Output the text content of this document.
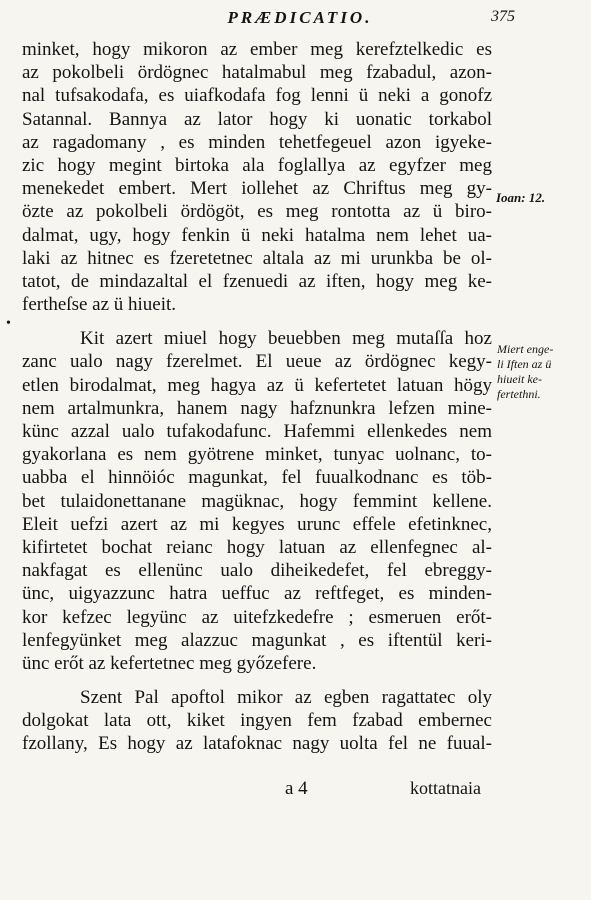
PRÆDICATIO.	375
minket, hogy mikoron az ember meg kerefztelkedic es
az pokolbeli ördögnec hatalmabul meg fzabadul, azon-
nal tufsakodafa, es uiafkodafa fog lenni ü neki a gonofz
Satannal. Bannya az lator hogy ki uonatic torkabol
az ragadomany , es minden tehetfegeuel azon igyeke-
zic hogy megint birtoka ala foglallya az egyfzer meg
menekedet embert. Mert iollehet az Chriftus meg gy-
özte az pokolbeli ördögöt, es meg rontotta az ü biro-
dalmat, ugy, hogy fenkin ü neki hatalma nem lehet ua-
laki az hitnec es fzeretetnec altala az mi urunkba be ol-
tatot, de mindazaltal el fzenuedi az iften, hogy meg ke-
fertheſse az ü hiueit.
Kit azert miuel hogy beuebben meg mutaſſa hoz
zanc ualo nagy fzerelmet. El ueue az ördögnec kegy-
etlen birodalmat, meg hagya az ü kefertetet latuan högy
nem artalmunkra, hanem nagy hafznunkra lefzen mine-
künc azzal ualo tufakodafunc. Hafemmi ellenkedes nem
gyakorlana es nem gyötrene minket, tunyac uolnanc, to-
uabba el hinnöióc magunkat, fel fuualkodnanc es töb-
bet tulaidonettanane magüknac, hogy femmint kellene.
Eleit uefzi azert az mi kegyes urunc effele efetinknec,
kifirtetet bochat reianc hogy latuan az ellenfegnec al-
nakfagat es ellenünc ualo diheikedefet, fel ebreggy-
ünc, uigyazzunc hatra ueffuc az reftfeget, es minden-
kor kefzec legyünc az uitefzkedefre ; esmeruen erőt-
lenfegyünket meg alazzuc magunkat , es iftentül keri-
ünc erőt az kefertetnec meg győzefere.
Szent Pal apoftol mikor az egben ragattatec oly
dolgokat lata ott, kiket ingyen fem fzabad embernec
fzollany, Es hogy az latafoknac nagy uolta fel ne fuual-
Ioan: 12.
Miert enge-
li Iften az ü
hiueit ke-
fertethni.
•
a 4	kottatnaia
